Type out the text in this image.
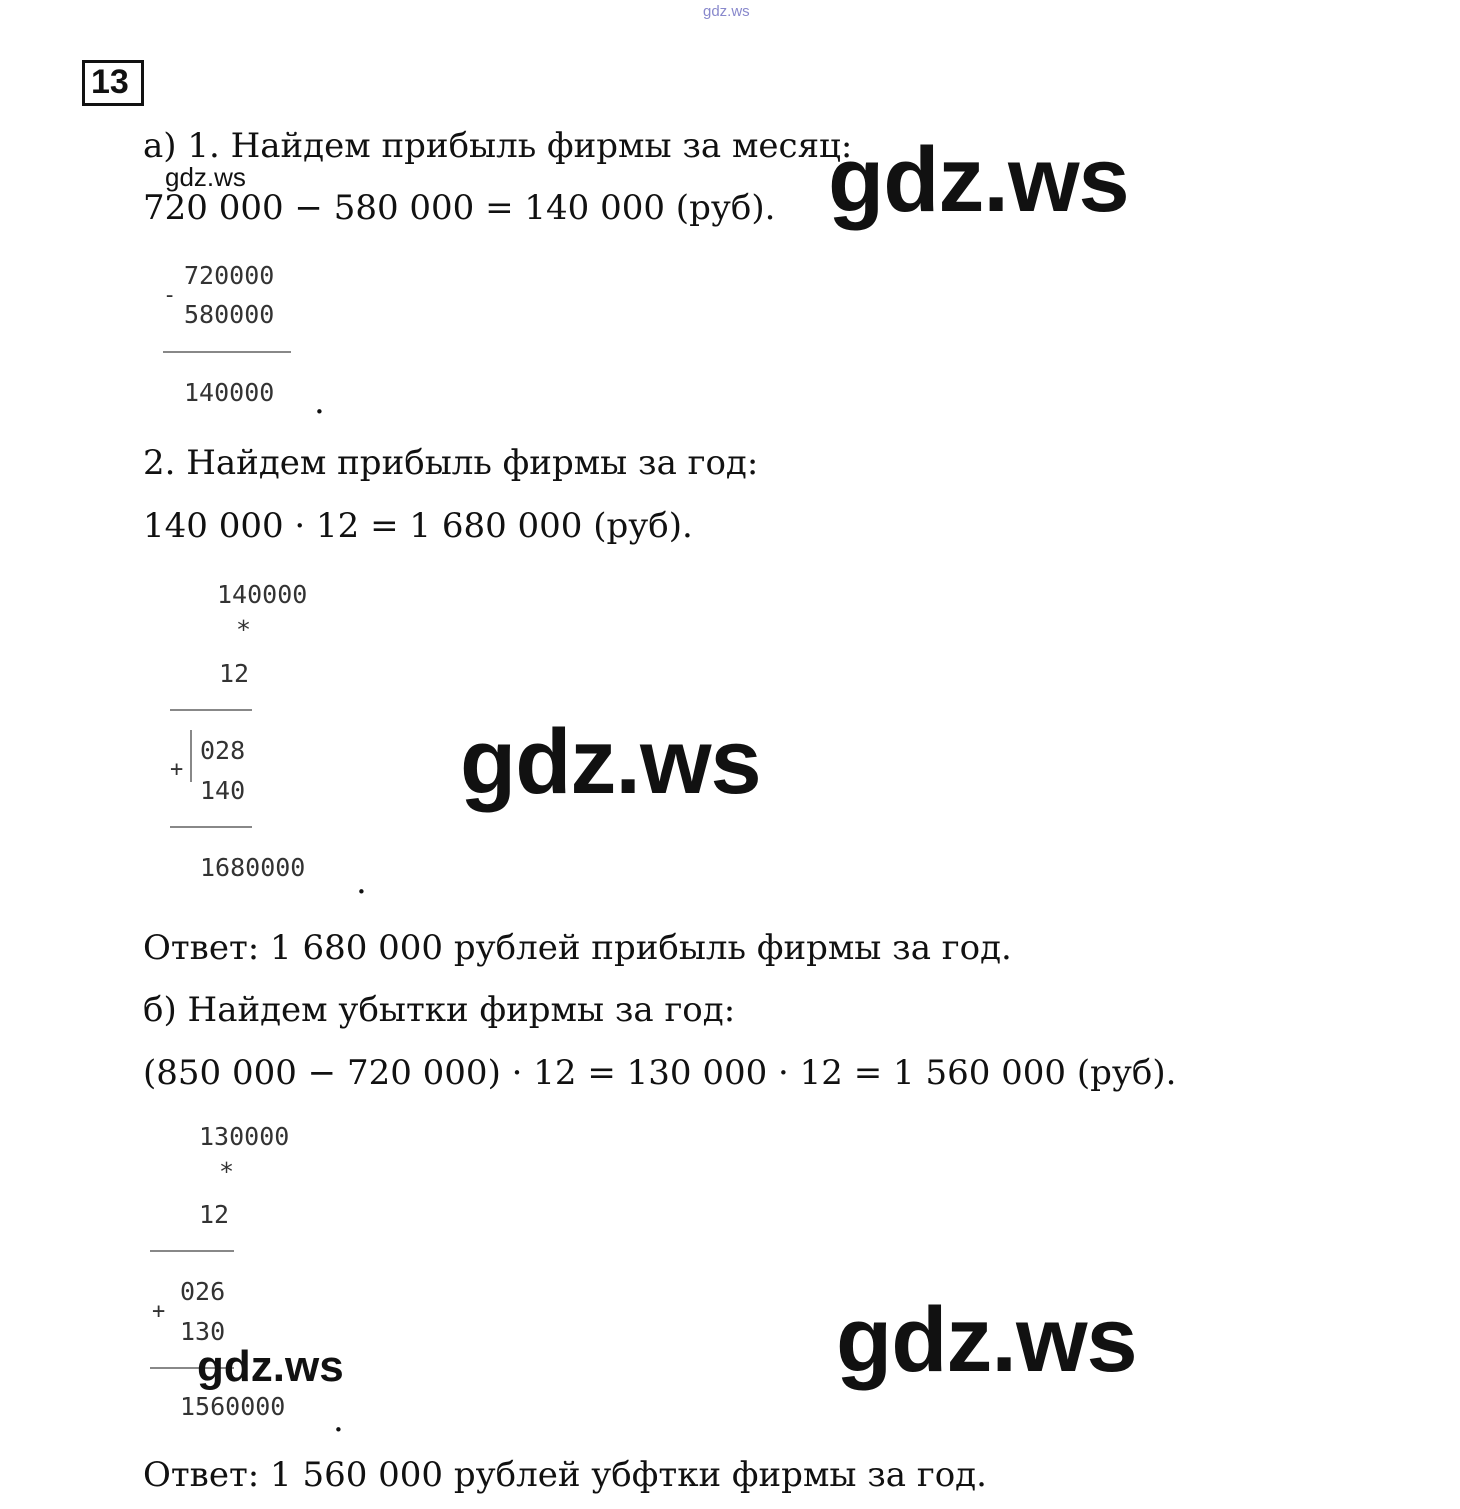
gdz.ws
13
а) 1. Найдем прибыль фирмы за месяц:
gdz.ws
720 000 − 580 000 = 140 000 (руб). gdz.ws
720000
-
580000
140000 .
2. Найдем прибыль фирмы за год:
140 000 · 12 = 1 680 000 (руб).
140000
*
12
028
+
140
1680000 .
gdz.ws
Ответ: 1 680 000 рублей прибыль фирмы за год.
б) Найдем убытки фирмы за год:
(850 000 − 720 000) · 12 = 130 000 · 12 = 1 560 000 (руб).
130000
*
12
026
+
130
1560000 .
gdz.ws	gdz.ws
Ответ: 1 560 000 рублей убфтки фирмы за год.
